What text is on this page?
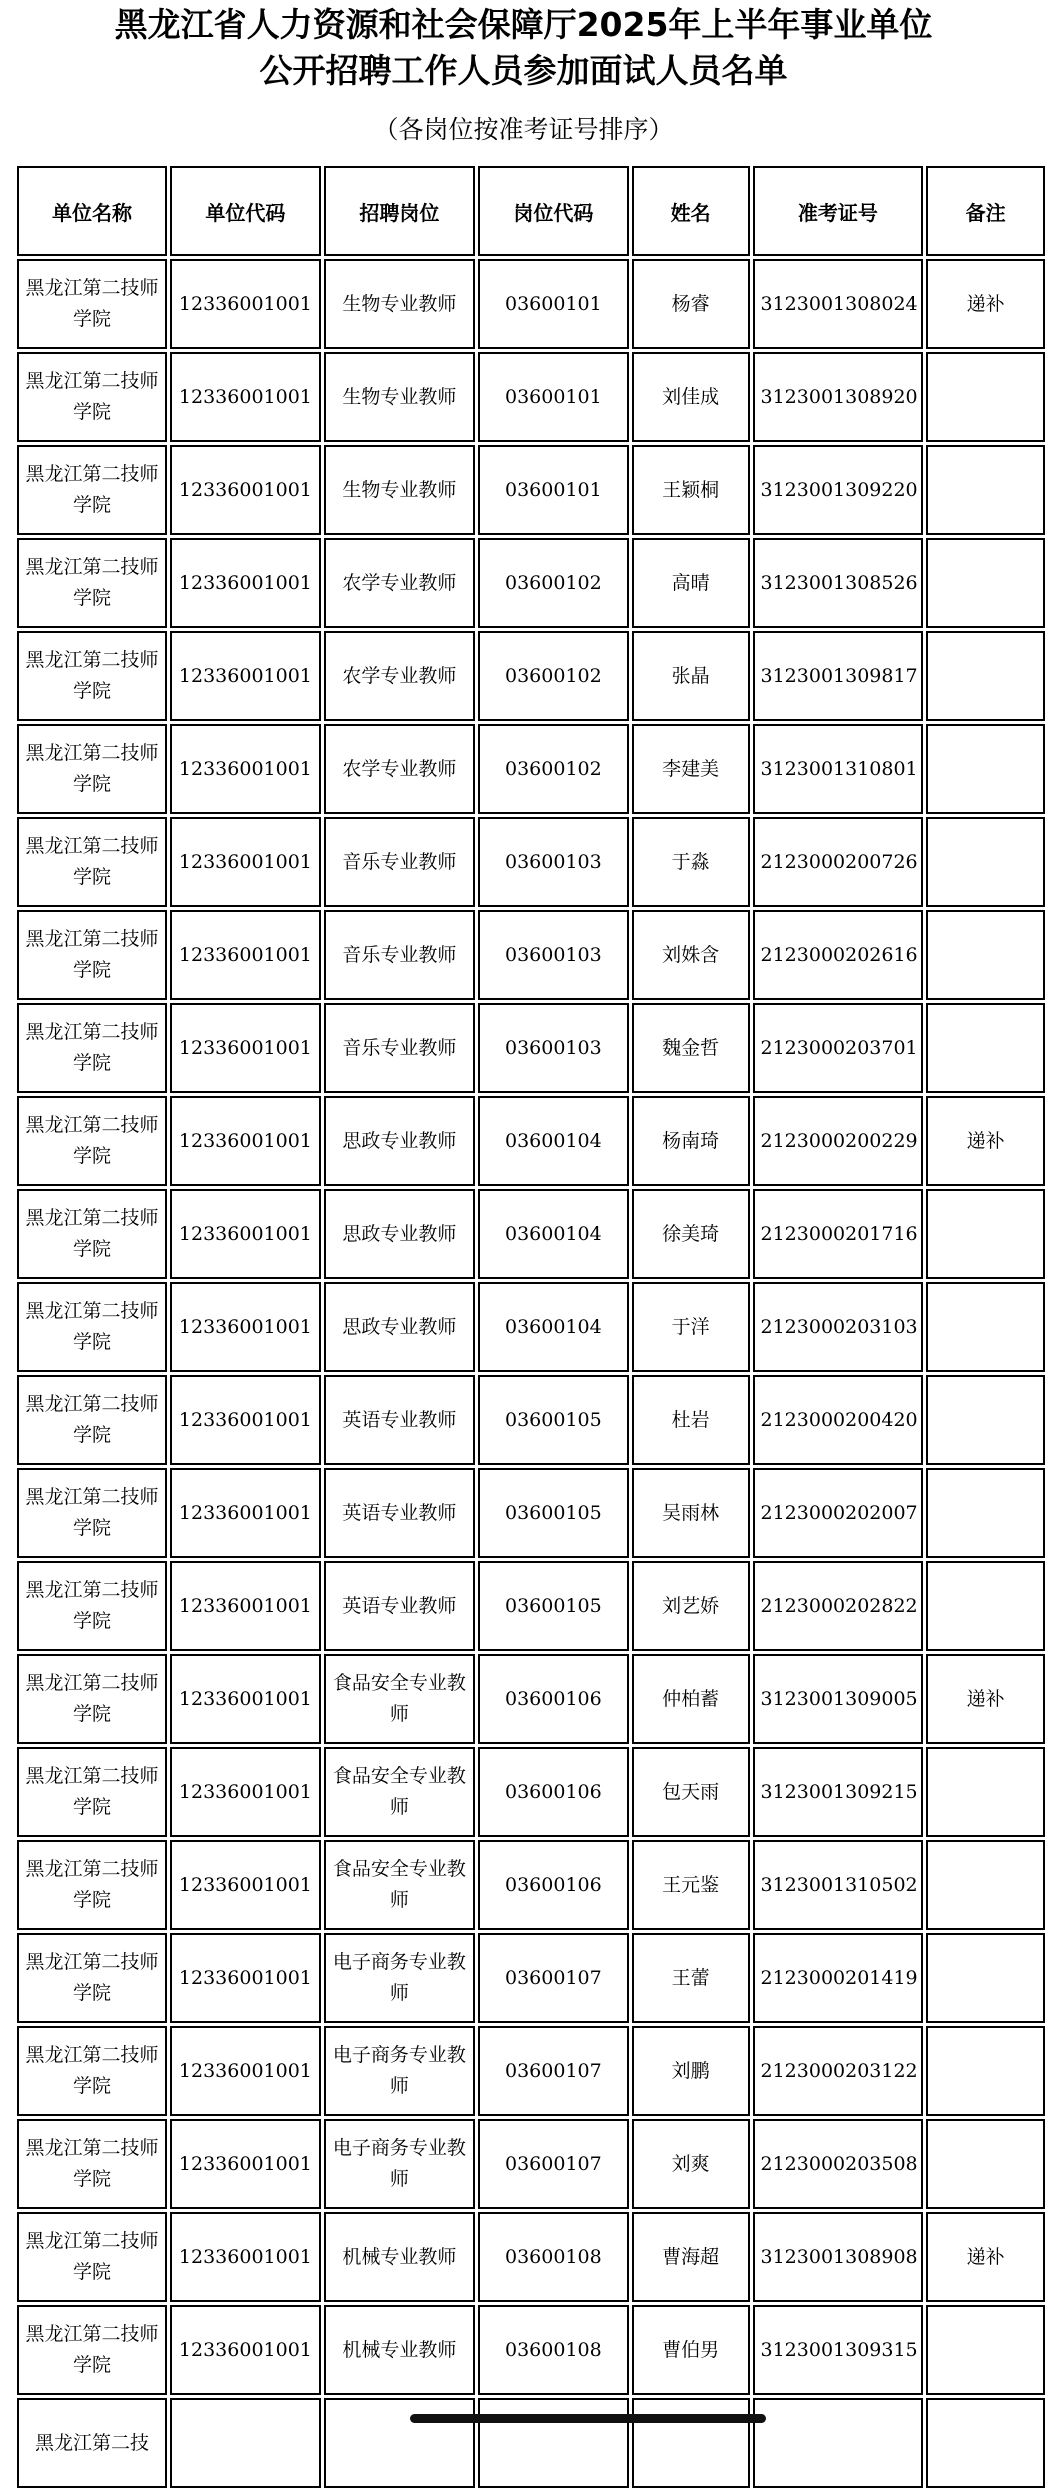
黑龙江省人力资源和社会保障厅2025年上半年事业单位
公开招聘工作人员参加面试人员名单
（各岗位按准考证号排序）
单位名称	单位代码	招聘岗位	岗位代码	姓名	准考证号	备注
黑龙江第二技师学院	12336001001	生物专业教师	03600101	杨睿	3123001308024	递补
黑龙江第二技师学院	12336001001	生物专业教师	03600101	刘佳成	3123001308920	
黑龙江第二技师学院	12336001001	生物专业教师	03600101	王颖桐	3123001309220	
黑龙江第二技师学院	12336001001	农学专业教师	03600102	高晴	3123001308526	
黑龙江第二技师学院	12336001001	农学专业教师	03600102	张晶	3123001309817	
黑龙江第二技师学院	12336001001	农学专业教师	03600102	李建美	3123001310801	
黑龙江第二技师学院	12336001001	音乐专业教师	03600103	于淼	2123000200726	
黑龙江第二技师学院	12336001001	音乐专业教师	03600103	刘姝含	2123000202616	
黑龙江第二技师学院	12336001001	音乐专业教师	03600103	魏金哲	2123000203701	
黑龙江第二技师学院	12336001001	思政专业教师	03600104	杨南琦	2123000200229	递补
黑龙江第二技师学院	12336001001	思政专业教师	03600104	徐美琦	2123000201716	
黑龙江第二技师学院	12336001001	思政专业教师	03600104	于洋	2123000203103	
黑龙江第二技师学院	12336001001	英语专业教师	03600105	杜岩	2123000200420	
黑龙江第二技师学院	12336001001	英语专业教师	03600105	吴雨林	2123000202007	
黑龙江第二技师学院	12336001001	英语专业教师	03600105	刘艺娇	2123000202822	
黑龙江第二技师学院	12336001001	食品安全专业教师	03600106	仲柏蓄	3123001309005	递补
黑龙江第二技师学院	12336001001	食品安全专业教师	03600106	包天雨	3123001309215	
黑龙江第二技师学院	12336001001	食品安全专业教师	03600106	王元鉴	3123001310502	
黑龙江第二技师学院	12336001001	电子商务专业教师	03600107	王蕾	2123000201419	
黑龙江第二技师学院	12336001001	电子商务专业教师	03600107	刘鹏	2123000203122	
黑龙江第二技师学院	12336001001	电子商务专业教师	03600107	刘爽	2123000203508	
黑龙江第二技师学院	12336001001	机械专业教师	03600108	曹海超	3123001308908	递补
黑龙江第二技师学院	12336001001	机械专业教师	03600108	曹伯男	3123001309315	
黑龙江第二技						
